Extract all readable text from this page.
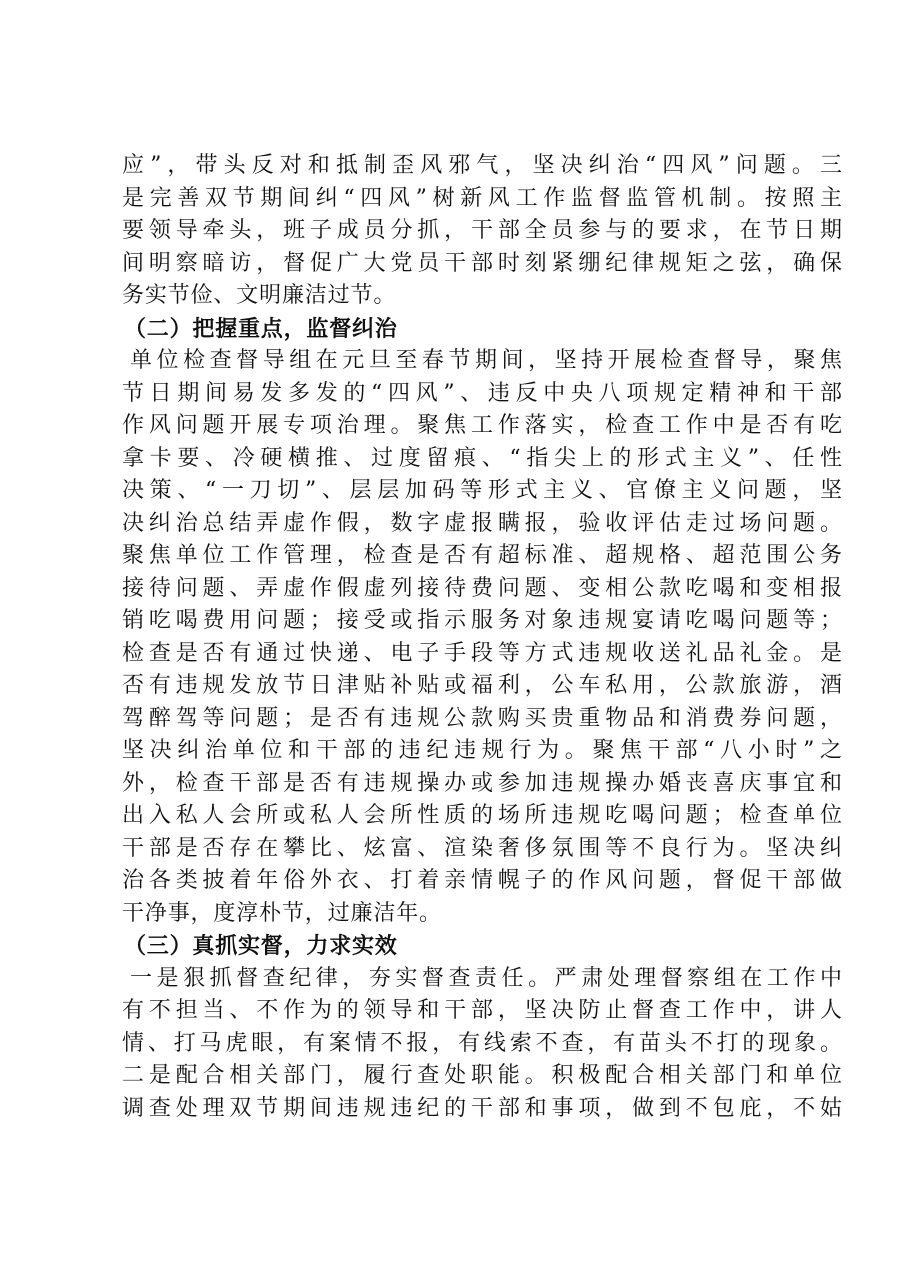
应”，带头反对和抵制歪风邪气，坚决纠治“四风”问题。三
是完善双节期间纠“四风”树新风工作监督监管机制。按照主
要领导牵头，班子成员分抓，干部全员参与的要求，在节日期
间明察暗访，督促广大党员干部时刻紧绷纪律规矩之弦，确保
务实节俭、文明廉洁过节。
（二）把握重点，监督纠治
单位检查督导组在元旦至春节期间，坚持开展检查督导，聚焦
节日期间易发多发的“四风”、违反中央八项规定精神和干部
作风问题开展专项治理。聚焦工作落实，检查工作中是否有吃
拿卡要、冷硬横推、过度留痕、“指尖上的形式主义”、任性
决策、“一刀切”、层层加码等形式主义、官僚主义问题，坚
决纠治总结弄虚作假，数字虚报瞒报，验收评估走过场问题。
聚焦单位工作管理，检查是否有超标准、超规格、超范围公务
接待问题、弄虚作假虚列接待费问题、变相公款吃喝和变相报
销吃喝费用问题；接受或指示服务对象违规宴请吃喝问题等；
检查是否有通过快递、电子手段等方式违规收送礼品礼金。是
否有违规发放节日津贴补贴或福利，公车私用，公款旅游，酒
驾醉驾等问题；是否有违规公款购买贵重物品和消费券问题，
坚决纠治单位和干部的违纪违规行为。聚焦干部“八小时”之
外，检查干部是否有违规操办或参加违规操办婚丧喜庆事宜和
出入私人会所或私人会所性质的场所违规吃喝问题；检查单位
干部是否存在攀比、炫富、渲染奢侈氛围等不良行为。坚决纠
治各类披着年俗外衣、打着亲情幌子的作风问题，督促干部做
干净事，度淳朴节，过廉洁年。
（三）真抓实督，力求实效
一是狠抓督查纪律，夯实督查责任。严肃处理督察组在工作中
有不担当、不作为的领导和干部，坚决防止督查工作中，讲人
情、打马虎眼，有案情不报，有线索不查，有苗头不打的现象。
二是配合相关部门，履行查处职能。积极配合相关部门和单位
调查处理双节期间违规违纪的干部和事项，做到不包庇，不姑
